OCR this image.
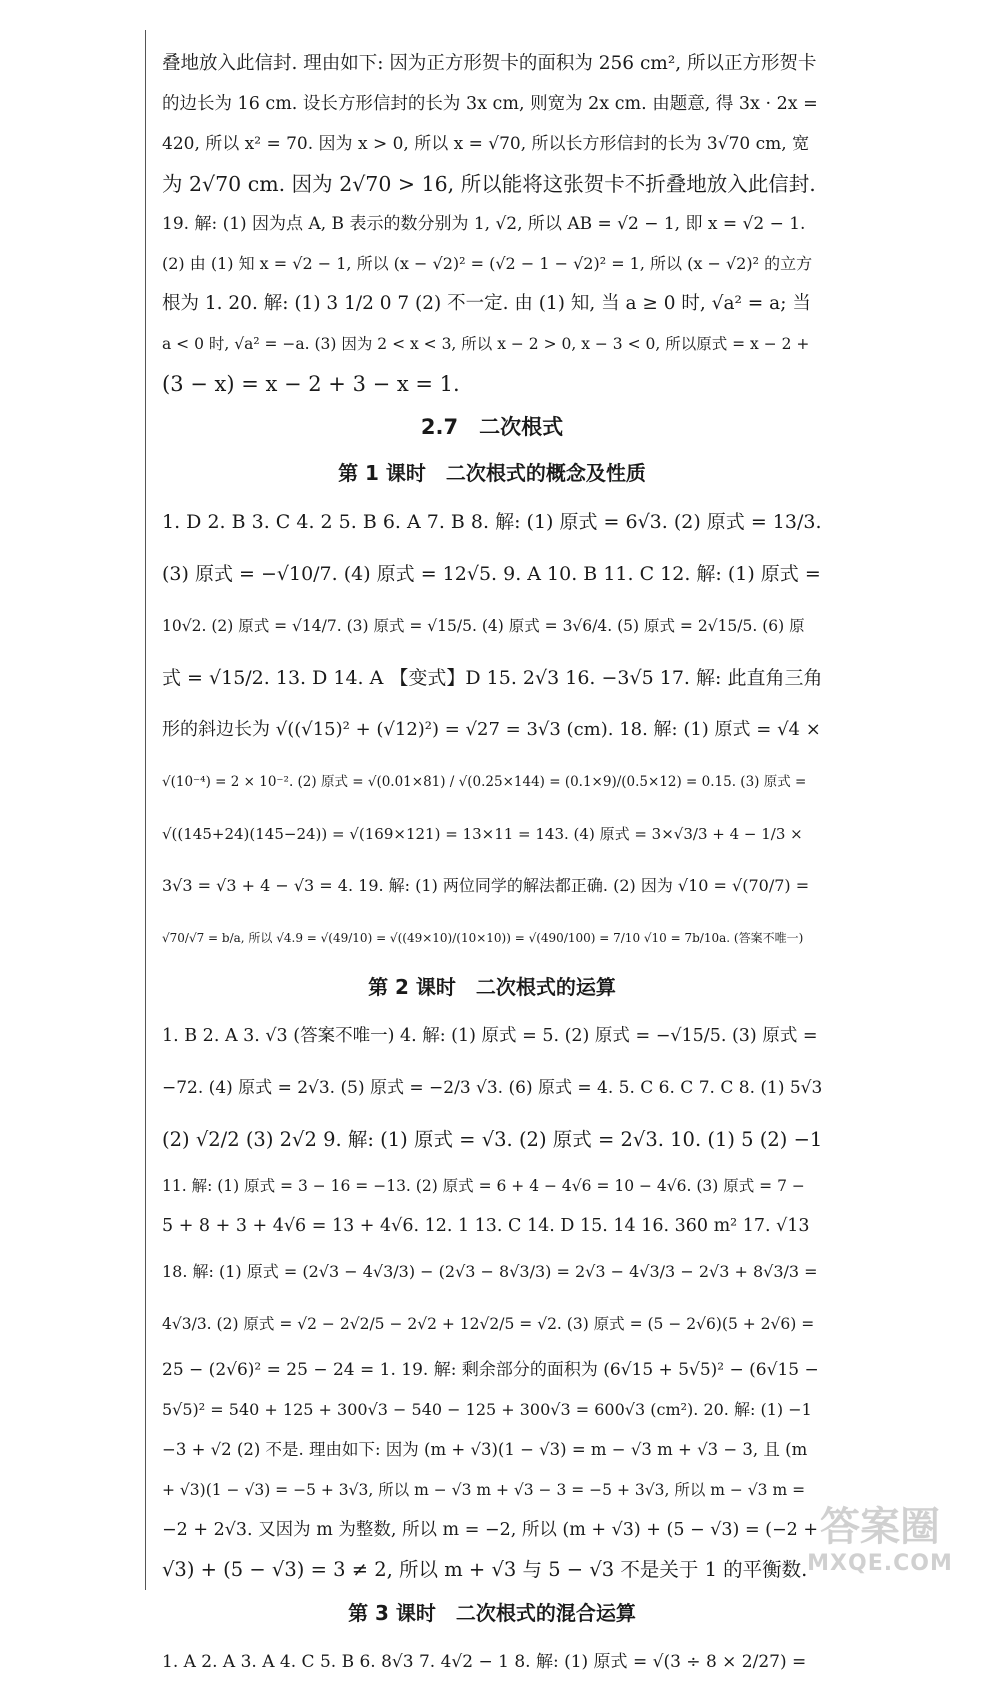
叠地放入此信封. 理由如下: 因为正方形贺卡的面积为 256 cm², 所以正方形贺卡
的边长为 16 cm. 设长方形信封的长为 3x cm, 则宽为 2x cm. 由题意, 得 3x · 2x =
420, 所以 x² = 70. 因为 x > 0, 所以 x = √70, 所以长方形信封的长为 3√70 cm, 宽
为 2√70 cm. 因为 2√70 > 16, 所以能将这张贺卡不折叠地放入此信封.
19. 解: (1) 因为点 A, B 表示的数分别为 1, √2, 所以 AB = √2 − 1, 即 x = √2 − 1.
(2) 由 (1) 知 x = √2 − 1, 所以 (x − √2)² = (√2 − 1 − √2)² = 1, 所以 (x − √2)² 的立方
根为 1. 20. 解: (1) 3 1/2 0 7 (2) 不一定. 由 (1) 知, 当 a ≥ 0 时, √a² = a; 当
a < 0 时, √a² = −a. (3) 因为 2 < x < 3, 所以 x − 2 > 0, x − 3 < 0, 所以原式 = x − 2 +
(3 − x) = x − 2 + 3 − x = 1.
2.7　二次根式
第 1 课时　二次根式的概念及性质
1. D 2. B 3. C 4. 2 5. B 6. A 7. B 8. 解: (1) 原式 = 6√3. (2) 原式 = 13/3.
(3) 原式 = −√10/7. (4) 原式 = 12√5. 9. A 10. B 11. C 12. 解: (1) 原式 =
10√2. (2) 原式 = √14/7. (3) 原式 = √15/5. (4) 原式 = 3√6/4. (5) 原式 = 2√15/5. (6) 原
式 = √15/2. 13. D 14. A 【变式】D 15. 2√3 16. −3√5 17. 解: 此直角三角
形的斜边长为 √((√15)² + (√12)²) = √27 = 3√3 (cm). 18. 解: (1) 原式 = √4 ×
√(10⁻⁴) = 2 × 10⁻². (2) 原式 = √(0.01×81) / √(0.25×144) = (0.1×9)/(0.5×12) = 0.15. (3) 原式 =
√((145+24)(145−24)) = √(169×121) = 13×11 = 143. (4) 原式 = 3×√3/3 + 4 − 1/3 ×
3√3 = √3 + 4 − √3 = 4. 19. 解: (1) 两位同学的解法都正确. (2) 因为 √10 = √(70/7) =
√70/√7 = b/a, 所以 √4.9 = √(49/10) = √((49×10)/(10×10)) = √(490/100) = 7/10 √10 = 7b/10a. (答案不唯一)
第 2 课时　二次根式的运算
1. B 2. A 3. √3 (答案不唯一) 4. 解: (1) 原式 = 5. (2) 原式 = −√15/5. (3) 原式 =
−72. (4) 原式 = 2√3. (5) 原式 = −2/3 √3. (6) 原式 = 4. 5. C 6. C 7. C 8. (1) 5√3
(2) √2/2 (3) 2√2 9. 解: (1) 原式 = √3. (2) 原式 = 2√3. 10. (1) 5 (2) −1
11. 解: (1) 原式 = 3 − 16 = −13. (2) 原式 = 6 + 4 − 4√6 = 10 − 4√6. (3) 原式 = 7 −
5 + 8 + 3 + 4√6 = 13 + 4√6. 12. 1 13. C 14. D 15. 14 16. 360 m² 17. √13
18. 解: (1) 原式 = (2√3 − 4√3/3) − (2√3 − 8√3/3) = 2√3 − 4√3/3 − 2√3 + 8√3/3 =
4√3/3. (2) 原式 = √2 − 2√2/5 − 2√2 + 12√2/5 = √2. (3) 原式 = (5 − 2√6)(5 + 2√6) =
25 − (2√6)² = 25 − 24 = 1. 19. 解: 剩余部分的面积为 (6√15 + 5√5)² − (6√15 −
5√5)² = 540 + 125 + 300√3 − 540 − 125 + 300√3 = 600√3 (cm²). 20. 解: (1) −1
−3 + √2 (2) 不是. 理由如下: 因为 (m + √3)(1 − √3) = m − √3 m + √3 − 3, 且 (m
+ √3)(1 − √3) = −5 + 3√3, 所以 m − √3 m + √3 − 3 = −5 + 3√3, 所以 m − √3 m =
−2 + 2√3. 又因为 m 为整数, 所以 m = −2, 所以 (m + √3) + (5 − √3) = (−2 +
√3) + (5 − √3) = 3 ≠ 2, 所以 m + √3 与 5 − √3 不是关于 1 的平衡数.
第 3 课时　二次根式的混合运算
1. A 2. A 3. A 4. C 5. B 6. 8√3 7. 4√2 − 1 8. 解: (1) 原式 = √(3 ÷ 8 × 2/27) =
答案圈
MXQE.COM
